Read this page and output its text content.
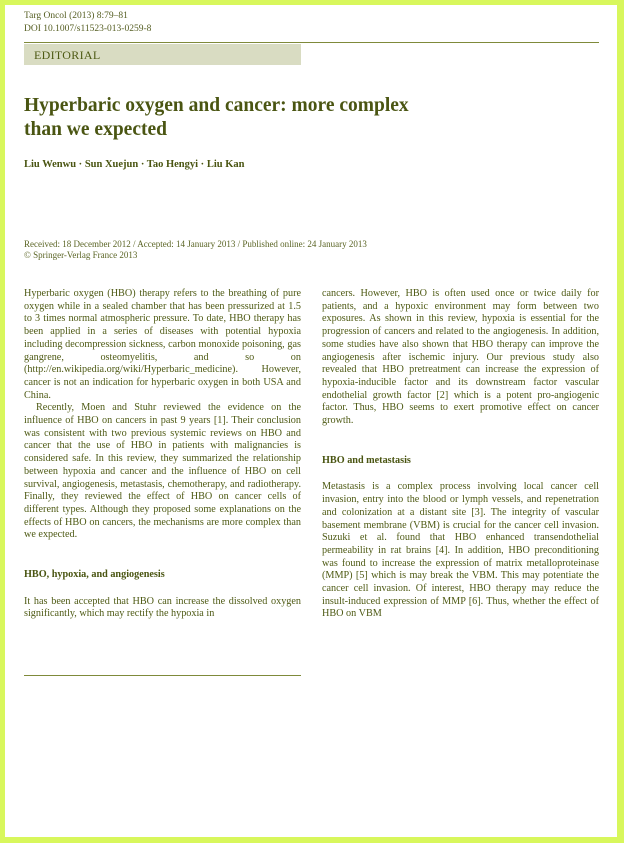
Targ Oncol (2013) 8:79–81
DOI 10.1007/s11523-013-0259-8
EDITORIAL
Hyperbaric oxygen and cancer: more complex
than we expected
Liu Wenwu · Sun Xuejun · Tao Hengyi · Liu Kan
Received: 18 December 2012 / Accepted: 14 January 2013 / Published online: 24 January 2013
© Springer-Verlag France 2013

Hyperbaric oxygen (HBO) therapy refers to the breathing of pure oxygen while in a sealed chamber that has been pressurized at 1.5 to 3 times normal atmospheric pressure. To date, HBO therapy has been applied in a series of diseases with potential hypoxia including decompression sickness, carbon monoxide poisoning, gas gangrene, osteomyelitis, and so on (http://en.wikipedia.org/wiki/Hyperbaric_medicine). However, cancer is not an indication for hyperbaric oxygen in both USA and China.

Recently, Moen and Stuhr reviewed the evidence on the influence of HBO on cancers in past 9 years [1]. Their conclusion was consistent with two previous systemic reviews on HBO and cancer that the use of HBO in patients with malignancies is considered safe. In this review, they summarized the relationship between hypoxia and cancer and the influence of HBO on cell survival, angiogenesis, metastasis, chemotherapy, and radiotherapy. Finally, they reviewed the effect of HBO on cancer cells of different types. Although they proposed some explanations on the effects of HBO on cancers, the mechanisms are more complex than we expected.

HBO, hypoxia, and angiogenesis

It has been accepted that HBO can increase the dissolved oxygen significantly, which may rectify the hypoxia in

cancers. However, HBO is often used once or twice daily for patients, and a hypoxic environment may form between two exposures. As shown in this review, hypoxia is essential for the progression of cancers and related to the angiogenesis. In addition, some studies have also shown that HBO therapy can improve the angiogenesis after ischemic injury. Our previous study also revealed that HBO pretreatment can increase the expression of hypoxia-inducible factor and its downstream factor vascular endothelial growth factor [2] which is a potent pro-angiogenic factor. Thus, HBO seems to exert promotive effect on cancer growth.

HBO and metastasis

Metastasis is a complex process involving local cancer cell invasion, entry into the blood or lymph vessels, and repenetration and colonization at a distant site [3]. The integrity of vascular basement membrane (VBM) is crucial for the cancer cell invasion. Suzuki et al. found that HBO enhanced transendothelial permeability in rat brains [4]. In addition, HBO preconditioning was found to increase the expression of matrix metalloproteinase (MMP) [5] which is may break the VBM. This may potentiate the cancer cell invasion. Of interest, HBO therapy may reduce the insult-induced expression of MMP [6]. Thus, whether the effect of HBO on VBM
